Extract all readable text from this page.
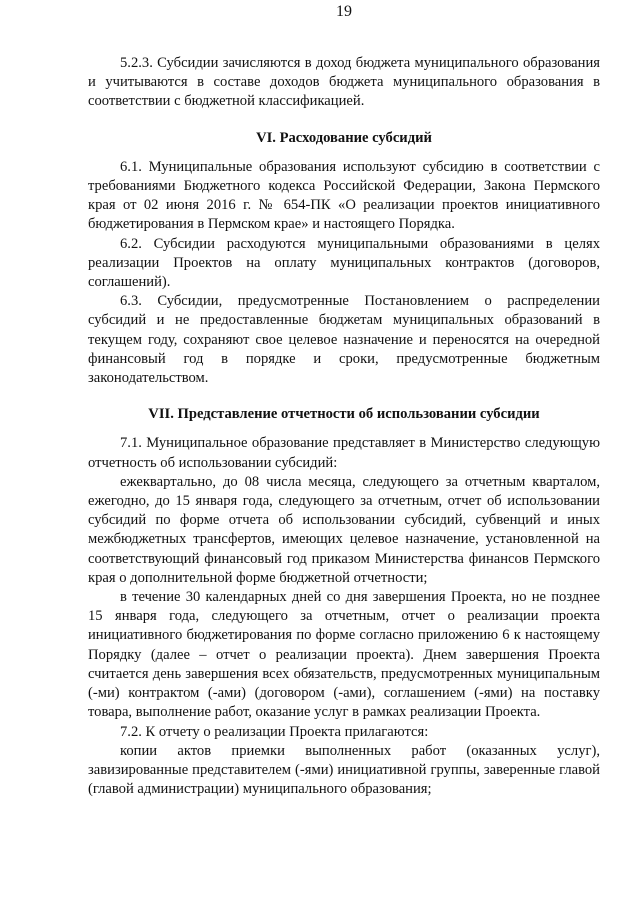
19

5.2.3. Субсидии зачисляются в доход бюджета муниципального образования и учитываются в составе доходов бюджета муниципального образования в соответствии с бюджетной классификацией.

VI. Расходование субсидий

6.1. Муниципальные образования используют субсидию в соответствии с требованиями Бюджетного кодекса Российской Федерации, Закона Пермского края от 02 июня 2016 г. № 654-ПК «О реализации проектов инициативного бюджетирования в Пермском крае» и настоящего Порядка.

6.2. Субсидии расходуются муниципальными образованиями в целях реализации Проектов на оплату муниципальных контрактов (договоров, соглашений).

6.3. Субсидии, предусмотренные Постановлением о распределении субсидий и не предоставленные бюджетам муниципальных образований в текущем году, сохраняют свое целевое назначение и переносятся на очередной финансовый год в порядке и сроки, предусмотренные бюджетным законодательством.

VII. Представление отчетности об использовании субсидии

7.1. Муниципальное образование представляет в Министерство следующую отчетность об использовании субсидий:

ежеквартально, до 08 числа месяца, следующего за отчетным кварталом, ежегодно, до 15 января года, следующего за отчетным, отчет об использовании субсидий по форме отчета об использовании субсидий, субвенций и иных межбюджетных трансфертов, имеющих целевое назначение, установленной на соответствующий финансовый год приказом Министерства финансов Пермского края о дополнительной форме бюджетной отчетности;

в течение 30 календарных дней со дня завершения Проекта, но не позднее 15 января года, следующего за отчетным, отчет о реализации проекта инициативного бюджетирования по форме согласно приложению 6 к настоящему Порядку (далее – отчет о реализации проекта). Днем завершения Проекта считается день завершения всех обязательств, предусмотренных муниципальным (-ми) контрактом (-ами) (договором (-ами), соглашением (-ями) на поставку товара, выполнение работ, оказание услуг в рамках реализации Проекта.

7.2. К отчету о реализации Проекта прилагаются:

копии актов приемки выполненных работ (оказанных услуг), завизированные представителем (-ями) инициативной группы, заверенные главой (главой администрации) муниципального образования;
